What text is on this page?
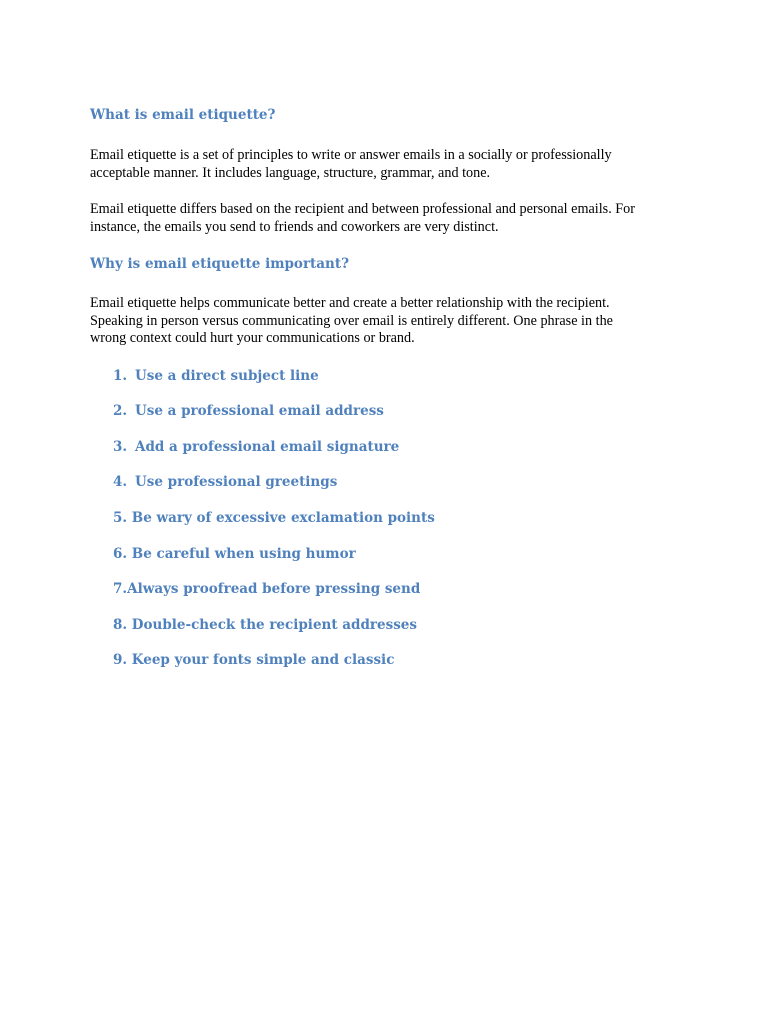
What is email etiquette?

Email etiquette is a set of principles to write or answer emails in a socially or professionally
acceptable manner. It includes language, structure, grammar, and tone.

Email etiquette differs based on the recipient and between professional and personal emails. For
instance, the emails you send to friends and coworkers are very distinct.

Why is email etiquette important?

Email etiquette helps communicate better and create a better relationship with the recipient.
Speaking in person versus communicating over email is entirely different. One phrase in the
wrong context could hurt your communications or brand.

1. Use a direct subject line
2. Use a professional email address
3. Add a professional email signature
4. Use professional greetings
5. Be wary of excessive exclamation points
6. Be careful when using humor
7.Always proofread before pressing send
8. Double-check the recipient addresses
9. Keep your fonts simple and classic
